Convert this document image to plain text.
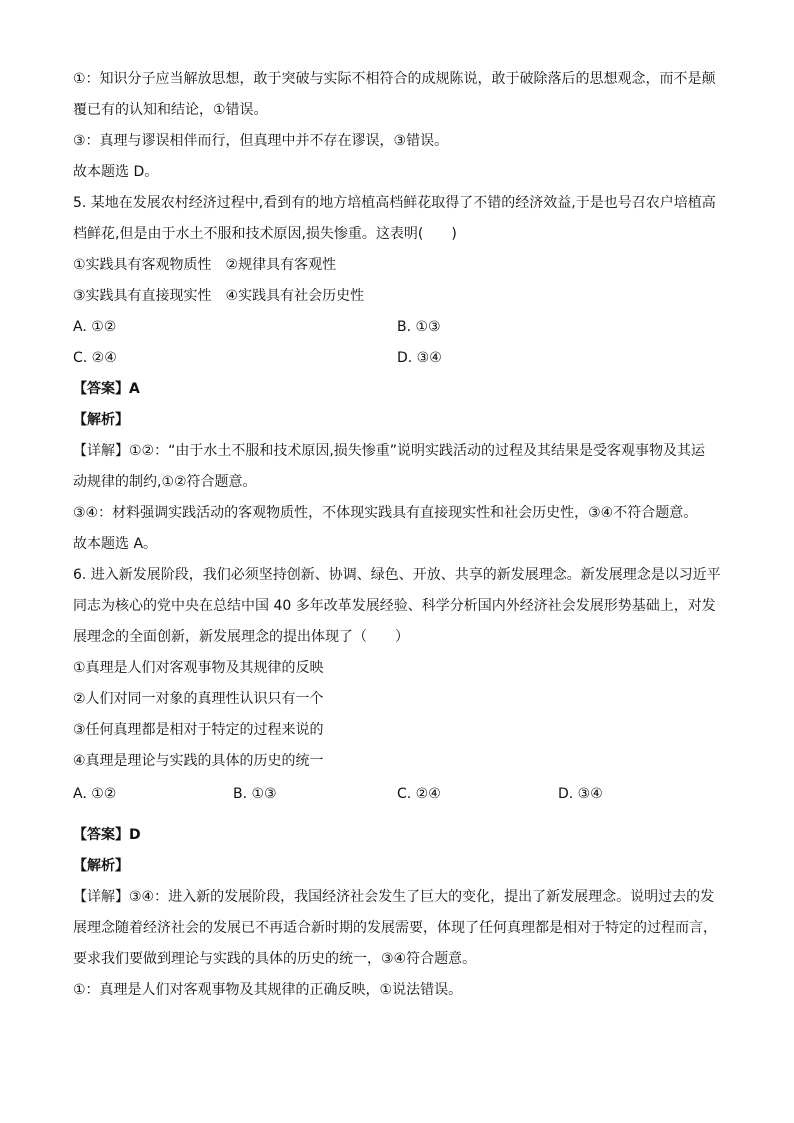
①：知识分子应当解放思想，敢于突破与实际不相符合的成规陈说，敢于破除落后的思想观念，而不是颠
覆已有的认知和结论，①错误。
③：真理与谬误相伴而行，但真理中并不存在谬误，③错误。
故本题选 D。
5. 某地在发展农村经济过程中,看到有的地方培植高档鲜花取得了不错的经济效益,于是也号召农户培植高
档鲜花,但是由于水土不服和技术原因,损失惨重。这表明(　　)
①实践具有客观物质性　②规律具有客观性
③实践具有直接现实性　④实践具有社会历史性
A. ①②	B. ①③
C. ②④	D. ③④
【答案】A
【解析】
【详解】①②：“由于水土不服和技术原因,损失惨重”说明实践活动的过程及其结果是受客观事物及其运
动规律的制约,①②符合题意。
③④：材料强调实践活动的客观物质性，不体现实践具有直接现实性和社会历史性，③④不符合题意。
故本题选 A。
6. 进入新发展阶段，我们必须坚持创新、协调、绿色、开放、共享的新发展理念。新发展理念是以习近平
同志为核心的党中央在总结中国 40 多年改革发展经验、科学分析国内外经济社会发展形势基础上，对发
展理念的全面创新，新发展理念的提出体现了（　　）
①真理是人们对客观事物及其规律的反映
②人们对同一对象的真理性认识只有一个
③任何真理都是相对于特定的过程来说的
④真理是理论与实践的具体的历史的统一
A. ①②	B. ①③	C. ②④	D. ③④
【答案】D
【解析】
【详解】③④：进入新的发展阶段，我国经济社会发生了巨大的变化，提出了新发展理念。说明过去的发
展理念随着经济社会的发展已不再适合新时期的发展需要，体现了任何真理都是相对于特定的过程而言，
要求我们要做到理论与实践的具体的历史的统一，③④符合题意。
①：真理是人们对客观事物及其规律的正确反映，①说法错误。
